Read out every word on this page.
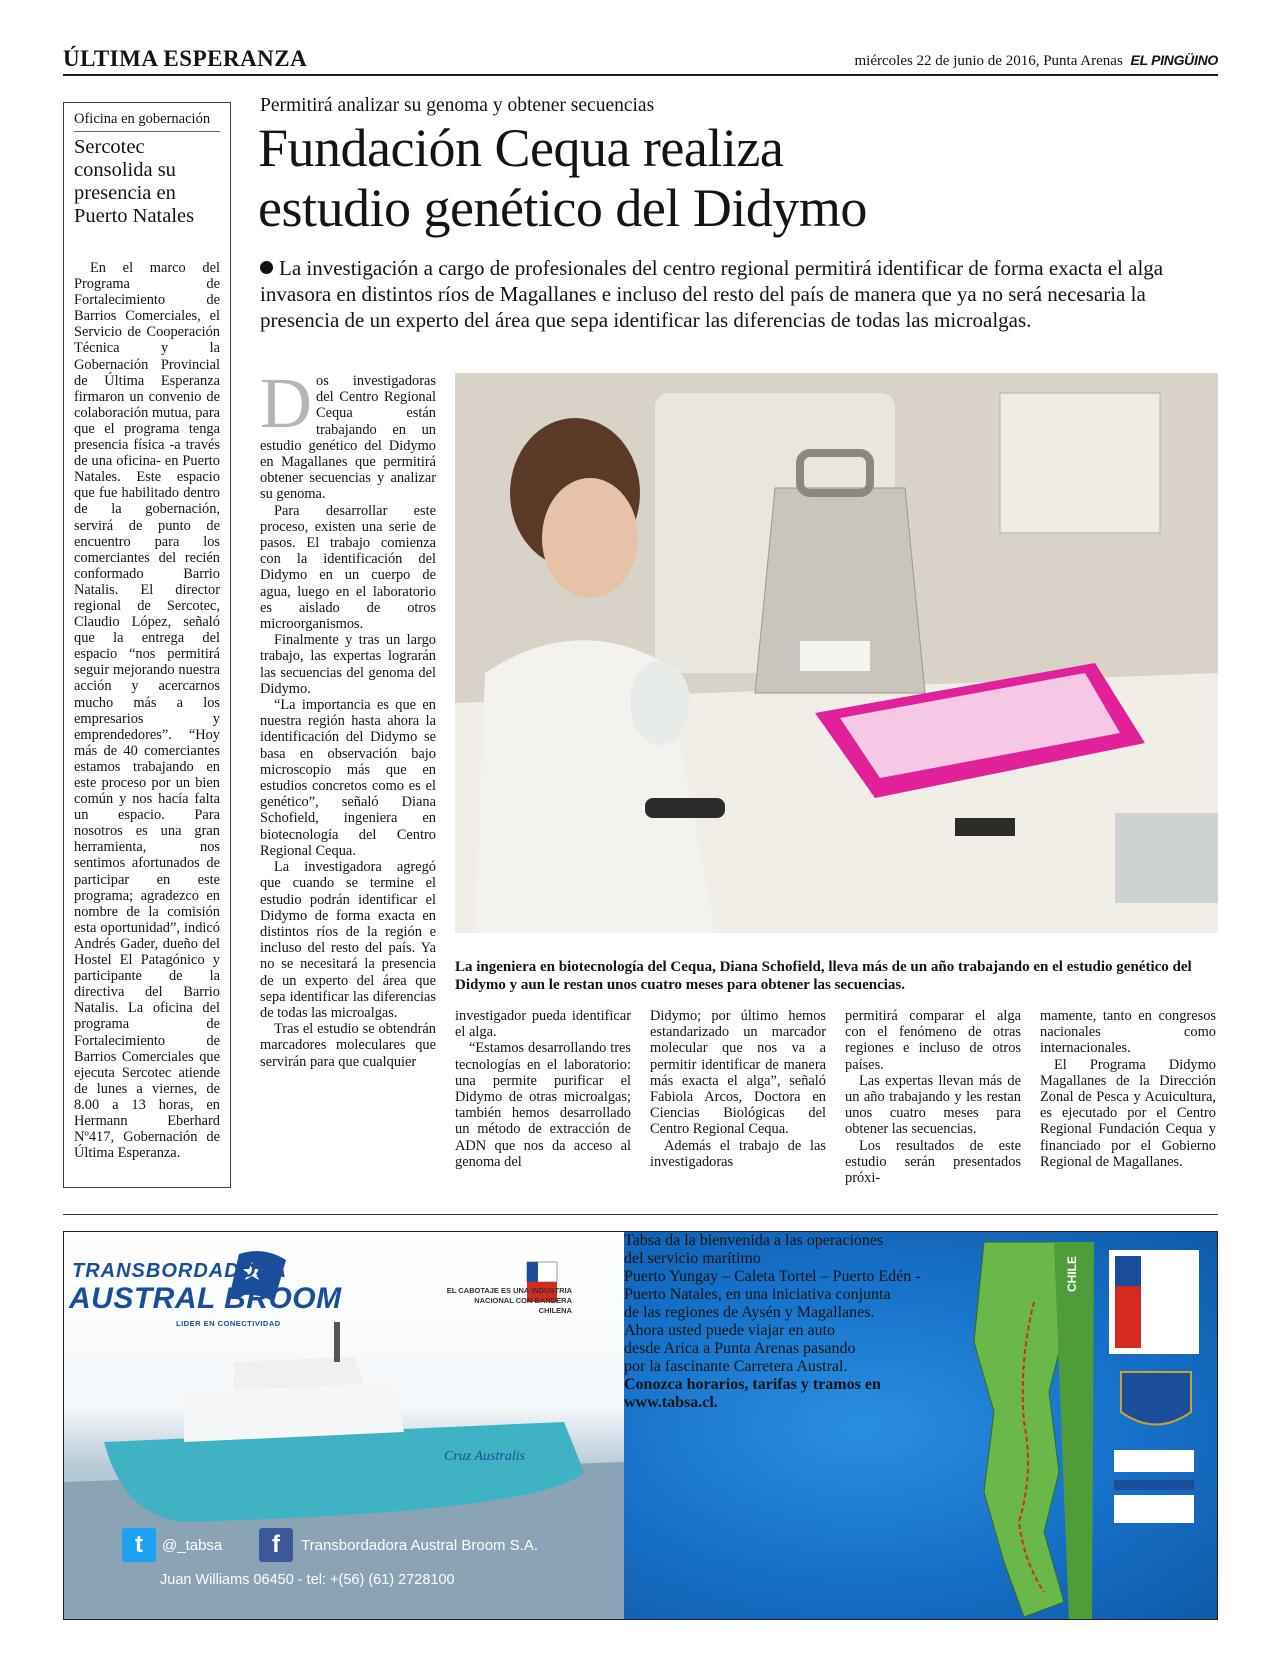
ÚLTIMA ESPERANZA	miércoles 22 de junio de 2016, Punta Arenas EL PINGÜINO
Oficina en gobernación
Sercotec consolida su presencia en Puerto Natales

En el marco del Programa de Fortalecimiento de Barrios Comerciales, el Servicio de Cooperación Técnica y la Gobernación Provincial de Última Esperanza firmaron un convenio de colaboración mutua, para que el programa tenga presencia física -a través de una oficina- en Puerto Natales. Este espacio que fue habilitado dentro de la gobernación, servirá de punto de encuentro para los comerciantes del recién conformado Barrio Natalis. El director regional de Sercotec, Claudio López, señaló que la entrega del espacio “nos permitirá seguir mejorando nuestra acción y acercarnos mucho más a los empresarios y emprendedores”. “Hoy más de 40 comerciantes estamos trabajando en este proceso por un bien común y nos hacía falta un espacio. Para nosotros es una gran herramienta, nos sentimos afortunados de participar en este programa; agradezco en nombre de la comisión esta oportunidad”, indicó Andrés Gader, dueño del Hostel El Patagónico y participante de la directiva del Barrio Natalis. La oficina del programa de Fortalecimiento de Barrios Comerciales que ejecuta Sercotec atiende de lunes a viernes, de 8.00 a 13 horas, en Hermann Eberhard Nº417, Gobernación de Última Esperanza.

Permitirá analizar su genoma y obtener secuencias
Fundación Cequa realiza
estudio genético del Didymo
La investigación a cargo de profesionales del centro regional permitirá identificar de forma exacta el alga invasora en distintos ríos de Magallanes e incluso del resto del país de manera que ya no será necesaria la presencia de un experto del área que sepa identificar las diferencias de todas las microalgas.

Dos investigadoras del Centro Regional Cequa están trabajando en un estudio genético del Didymo en Magallanes que permitirá obtener secuencias y analizar su genoma.

Para desarrollar este proceso, existen una serie de pasos. El trabajo comienza con la identificación del Didymo en un cuerpo de agua, luego en el laboratorio es aislado de otros microorganismos.

Finalmente y tras un largo trabajo, las expertas lograrán las secuencias del genoma del Didymo.

“La importancia es que en nuestra región hasta ahora la identificación del Didymo se basa en observación bajo microscopio más que en estudios concretos como es el genético”, señaló Diana Schofield, ingeniera en biotecnología del Centro Regional Cequa.

La investigadora agregó que cuando se termine el estudio podrán identificar el Didymo de forma exacta en distintos ríos de la región e incluso del resto del país. Ya no se necesitará la presencia de un experto del área que sepa identificar las diferencias de todas las microalgas.

Tras el estudio se obtendrán marcadores moleculares que servirán para que cualquier

La ingeniera en biotecnología del Cequa, Diana Schofield, lleva más de un año trabajando en el estudio genético del Didymo y aun le restan unos cuatro meses para obtener las secuencias.

investigador pueda identificar el alga.

“Estamos desarrollando tres tecnologías en el laboratorio: una permite purificar el Didymo de otras microalgas; también hemos desarrollado un método de extracción de ADN que nos da acceso al genoma del

Didymo; por último hemos estandarizado un marcador molecular que nos va a permitir identificar de manera más exacta el alga”, señaló Fabiola Arcos, Doctora en Ciencias Biológicas del Centro Regional Cequa.

Además el trabajo de las investigadoras

permitirá comparar el alga con el fenómeno de otras regiones e incluso de otros países.

Las expertas llevan más de un año trabajando y les restan unos cuatro meses para obtener las secuencias.

Los resultados de este estudio serán presentados próxi-

mamente, tanto en congresos nacionales como internacionales.

El Programa Didymo Magallanes de la Dirección Zonal de Pesca y Acuicultura, es ejecutado por el Centro Regional Fundación Cequa y financiado por el Gobierno Regional de Magallanes.

Cruz Australis
TRANSBORDADORA
AUSTRAL BROOM
LIDER EN CONECTIVIDAD
EL CABOTAJE ES UNA INDUSTRIA NACIONAL CON BANDERA CHILENA
t	@_tabsa	f	Transbordadora Austral Broom S.A.
Juan Williams 06450 - tel: +(56) (61) 2728100
Tabsa da la bienvenida a las operaciones
del servicio marítimo
Puerto Yungay – Caleta Tortel – Puerto Edén -
Puerto Natales, en una iniciativa conjunta
de las regiones de Aysén y Magallanes.
Ahora usted puede viajar en auto
desde Arica a Punta Arenas pasando
por la fascinante Carretera Austral.
Conozca horarios, tarifas y tramos en
www.tabsa.cl.
CHILE
